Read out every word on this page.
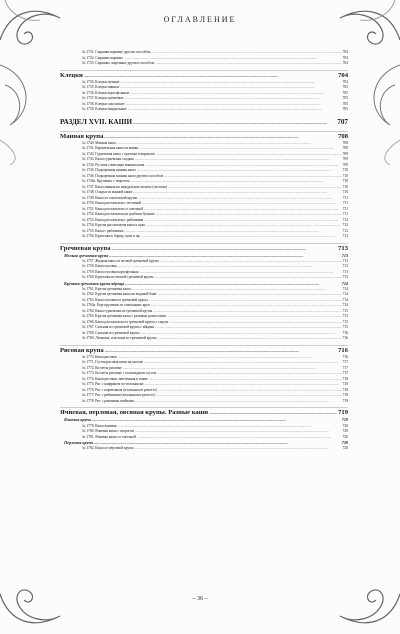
ОГЛАВЛЕНИЕ
№ 1731. Сырники вареные другим способом .....	704
№ 1732. Сырники вареные .....	704
№ 1733. Сырники, жаренные другим способом .....	704
Клецки .....	704
№ 1734. Клецки мучные .....	704
№ 1735. Клецки манные .....	705
№ 1736. Клецки картофельные .....	705
№ 1737. Клецки гречневые .....	705
№ 1738. Клецки саксонские .....	705
№ 1739. Клецки миндальные .....	705
РАЗДЕЛ XVII. КАШИ .....	707
Манная крупа .....	708
№ 1740. Манная каша .....	708
№ 1741. Карамельная каша из манки .....	708
№ 1742. Гурьевская каша с орехами и вареньем .....	709
№ 1743. Каша гурьевская сладкая .....	709
№ 1744. Русская сливочная манная каша .....	709
№ 1745. Подкаренная манная каша .....	710
№ 1746. Подкаренная манная каша другим способом .....	710
№ 1746а. Крупеник с творогом .....	710
№ 1747. Каша манная на миндальном молоке (постная) .....	710
№ 1748. Оладьи из манной каши .....	710
№ 1749. Каша из смоленской крупы .....	711
№ 1750. Каша рассыпчатая с ветчиной .....	711
№ 1751. Каша рассыпчатая со сметаной .....	711
№ 1752. Каша рассыпчатая на грибном бульоне .....	711
№ 1753. Каша рассыпчатая с рябчиками .....	712
№ 1754. Крутая рассыпчатая каша к щам .....	712
№ 1755. Каша с рябчиками .....	712
№ 1756. Крупепки к борщу, щам и пр. .....	712
Гречневая крупа .....	713
Мелкая гречневая крупа .....	713
№ 1757. Жидкая каша из мелкой гречневой крупы .....	713
№ 1758. Каша пуховая .....	713
№ 1759. Каша пуховая картофельная .....	713
№ 1760. Крупепки из мелкой гречневой крупы .....	713
Крупная гречневая крупа ядрица .....	714
№ 1761. Крутая гречневая каша .....	714
№ 1762. Крутая гречневая каша на водяной бане .....	714
№ 1763. Каша пуховая из гречневой крупы .....	714
№ 1763а. Еще крупеник из смешанных круп .....	714
№ 1764. Каша гурьевская из гречневой крупы .....	715
№ 1765. Крутая гречневая каша с разными разностями .....	715
№ 1766. Каша рассыпчатая из гречневой крупы с сыром .....	715
№ 1767. Сальник из гречневой крупы с яйцами .....	715
№ 1768. Сальник из гречневой крупы .....	716
№ 1769. Лемешка, или каша из гречневой крупы .....	716
Рисовая крупа .....	716
№ 1770. Каша рисовая .....	716
№ 1771. Густая рисовая каша на молоке .....	717
№ 1772. Котлеты рисовые .....	717
№ 1773. Котлеты рисовые с похожадным соусом .....	717
№ 1774. Каша рисовая, запеченная в тыкве .....	718
№ 1775. Рис с шафраном по-итальянски .....	718
№ 1776. Рис с пармезаном (итальянское ризотто) .....	718
№ 1777. Рис с рябчиками (итальянское ризотто) .....	718
№ 1778. Рис с раковыми шейками .....	719
Ячневая, перловая, овсяная крупы. Разные каши .....	719
Ячневая крупа .....	719
№ 1779. Каша ячневая .....	720
№ 1780. Ячневая каша с творогом .....	720
№ 1781. Ячневая каша со сметаной .....	720
Перловая крупа .....	720
№ 1782. Каша из перловой крупы .....	720
– 36 –
